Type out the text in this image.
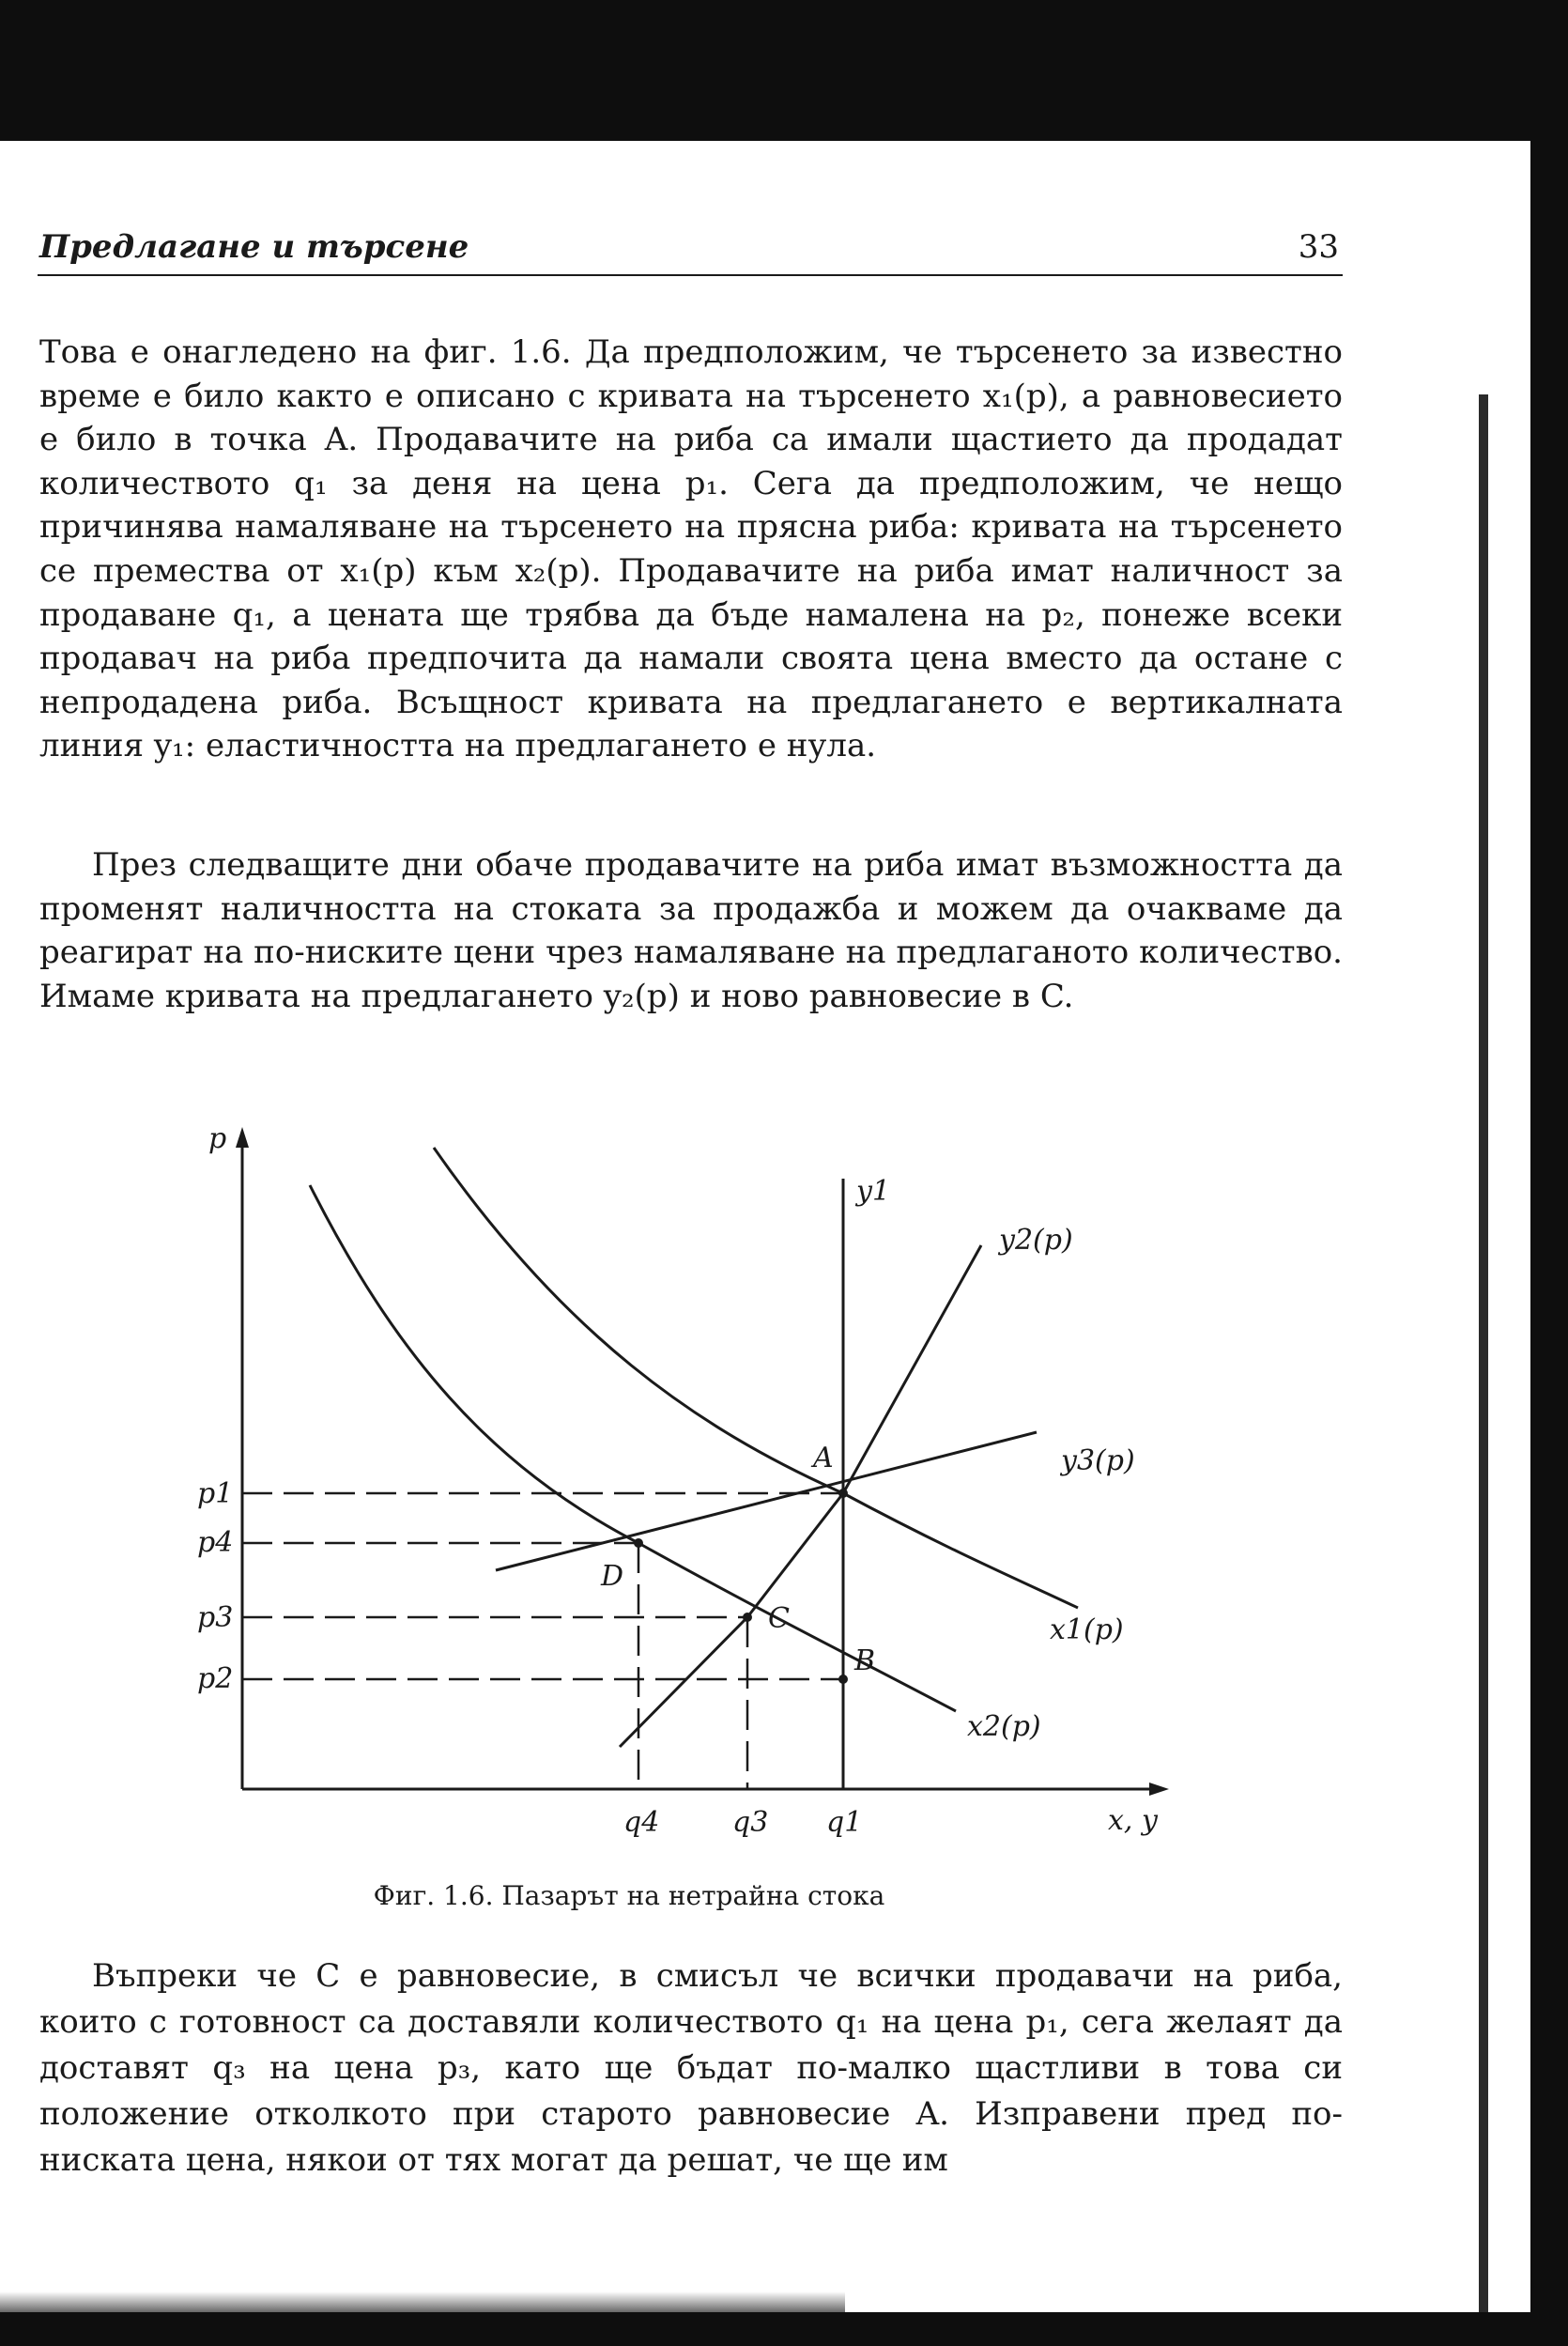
Предлагане и търсене	33

Това е онагледено на фиг. 1.6. Да предположим, че търсенето за известно време е било както е описано с кривата на търсенето x₁(p), а равновесието е било в точка A. Продавачите на риба са имали щастието да продадат количеството q₁ за деня на цена p₁. Сега да предположим, че нещо причинява намаляване на търсенето на прясна риба: кривата на търсенето се премества от x₁(p) към x₂(p). Продавачите на риба имат наличност за продаване q₁, а цената ще трябва да бъде намалена на p₂, понеже всеки продавач на риба предпочита да намали своята цена вместо да остане с непродадена риба. Всъщност кривата на предлагането е вертикалната линия y₁: еластичността на предлагането е нула.

През следващите дни обаче продавачите на риба имат възможността да променят наличността на стоката за продажба и можем да очакваме да реагират на по-ниските цени чрез намаляване на предлаганото количество. Имаме кривата на предлагането y₂(p) и ново равновесие в C.

p
x, y
p1
p4
p3
p2
q4	q3 q1
y1
y2(p)
y3(p)
x1(p)
x2(p)
A
D
C
B
Фиг. 1.6. Пазарът на нетрайна стока

Въпреки че C е равновесие, в смисъл че всички продавачи на риба, които с готовност са доставяли количеството q₁ на цена p₁, сега желаят да доставят q₃ на цена p₃, като ще бъдат по-малко щастливи в това си положение отколкото при старото равновесие A. Изправени пред по-ниската цена, някои от тях могат да решат, че ще им
